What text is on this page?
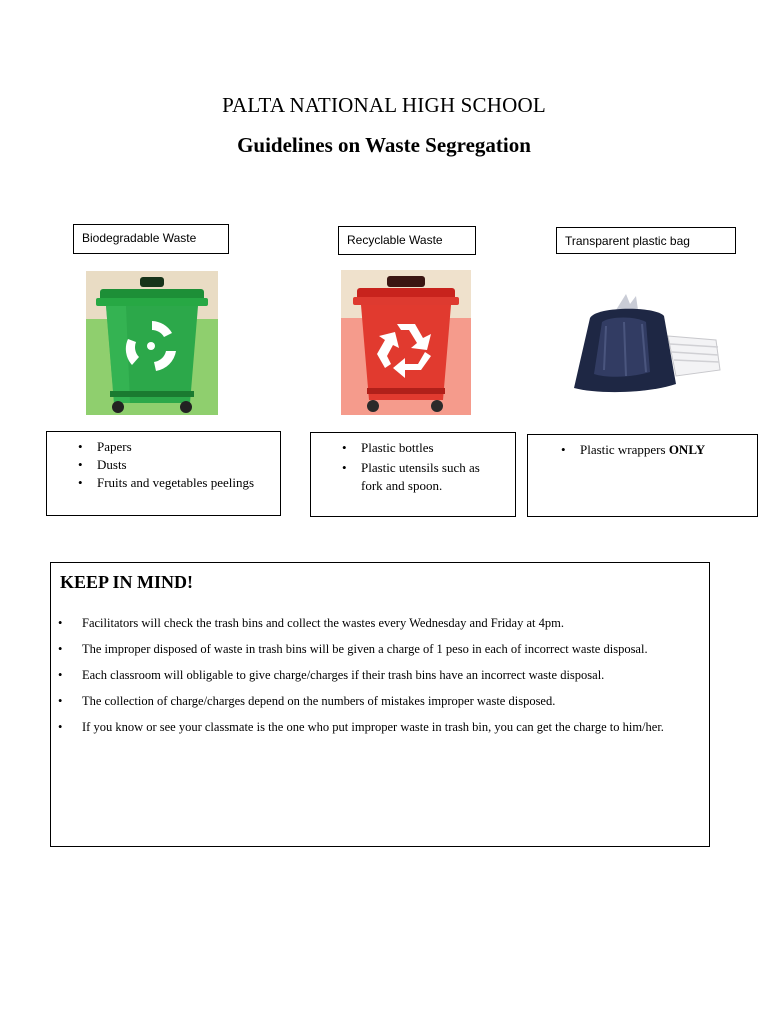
PALTA NATIONAL HIGH SCHOOL
Guidelines on Waste Segregation
Biodegradable Waste	Recyclable Waste	Transparent plastic bag
• Papers
• Dusts
• Fruits and vegetables peelings
• Plastic bottles
• Plastic utensils such as fork and spoon.
• Plastic wrappers ONLY
KEEP IN MIND!
• Facilitators will check the trash bins and collect the wastes every Wednesday and Friday at 4pm.
• The improper disposed of waste in trash bins will be given a charge of 1 peso in each of incorrect waste disposal.
• Each classroom will obligable to give charge/charges if their trash bins have an incorrect waste disposal.
• The collection of charge/charges depend on the numbers of mistakes improper waste disposed.
• If you know or see your classmate is the one who put improper waste in trash bin, you can get the charge to him/her.
